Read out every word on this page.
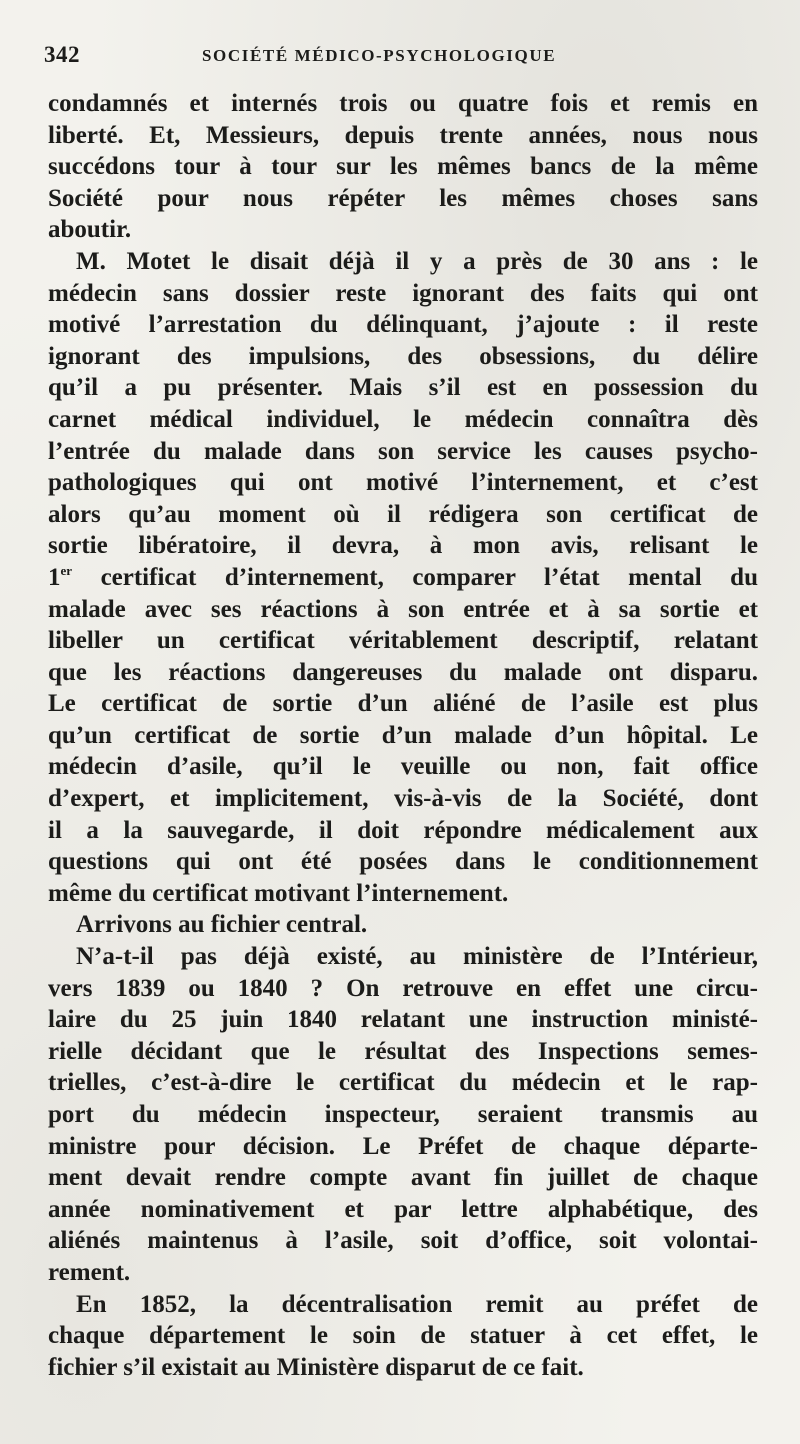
342	SOCIÉTÉ MÉDICO-PSYCHOLOGIQUE
condamnés et internés trois ou quatre fois et remis en
liberté. Et, Messieurs, depuis trente années, nous nous
succédons tour à tour sur les mêmes bancs de la même
Société pour nous répéter les mêmes choses sans
aboutir.
M. Motet le disait déjà il y a près de 30 ans : le
médecin sans dossier reste ignorant des faits qui ont
motivé l’arrestation du délinquant, j’ajoute : il reste
ignorant des impulsions, des obsessions, du délire
qu’il a pu présenter. Mais s’il est en possession du
carnet médical individuel, le médecin connaîtra dès
l’entrée du malade dans son service les causes psycho-
pathologiques qui ont motivé l’internement, et c’est
alors qu’au moment où il rédigera son certificat de
sortie libératoire, il devra, à mon avis, relisant le
1er certificat d’internement, comparer l’état mental du
malade avec ses réactions à son entrée et à sa sortie et
libeller un certificat véritablement descriptif, relatant
que les réactions dangereuses du malade ont disparu.
Le certificat de sortie d’un aliéné de l’asile est plus
qu’un certificat de sortie d’un malade d’un hôpital. Le
médecin d’asile, qu’il le veuille ou non, fait office
d’expert, et implicitement, vis-à-vis de la Société, dont
il a la sauvegarde, il doit répondre médicalement aux
questions qui ont été posées dans le conditionnement
même du certificat motivant l’internement.
Arrivons au fichier central.
N’a-t-il pas déjà existé, au ministère de l’Intérieur,
vers 1839 ou 1840 ? On retrouve en effet une circu-
laire du 25 juin 1840 relatant une instruction ministé-
rielle décidant que le résultat des Inspections semes-
trielles, c’est-à-dire le certificat du médecin et le rap-
port du médecin inspecteur, seraient transmis au
ministre pour décision. Le Préfet de chaque départe-
ment devait rendre compte avant fin juillet de chaque
année nominativement et par lettre alphabétique, des
aliénés maintenus à l’asile, soit d’office, soit volontai-
rement.
En 1852, la décentralisation remit au préfet de
chaque département le soin de statuer à cet effet, le
fichier s’il existait au Ministère disparut de ce fait.
